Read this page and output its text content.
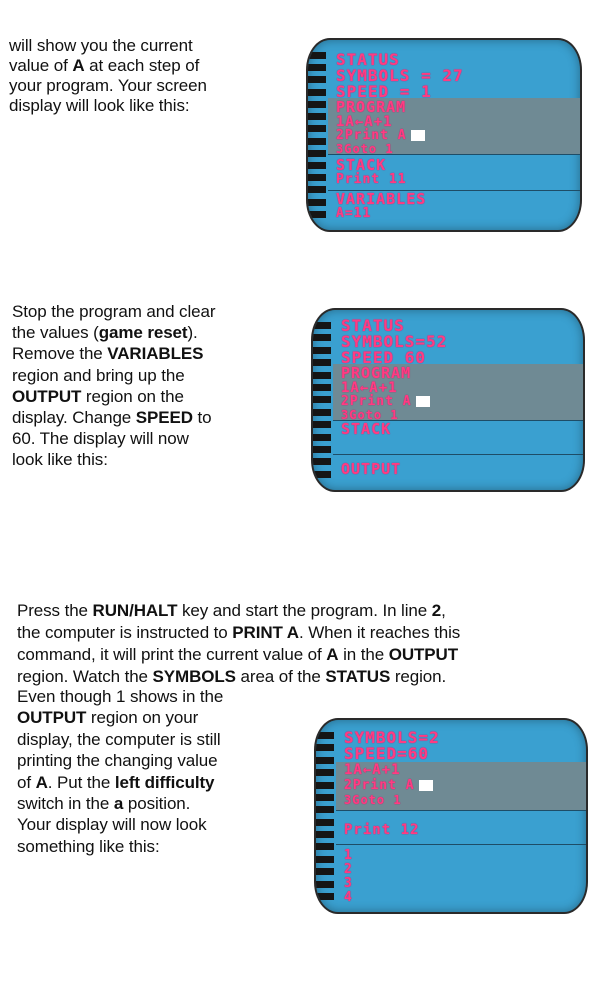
will show you the current
value of A at each step of
your program. Your screen
display will look like this:

STATUS
SYMBOLS = 27
SPEED = 1
PROGRAM
1A←A+1
2Print A
3Goto 1
STACK
Print 11
VARIABLES
A=11

Stop the program and clear
the values (game reset).
Remove the VARIABLES
region and bring up the
OUTPUT region on the
display. Change SPEED to
60. The display will now
look like this:

STATUS
SYMBOLS=52
SPEED 60
PROGRAM
1A←A+1
2Print A
3Goto 1
STACK
OUTPUT

Press the RUN/HALT key and start the program. In line 2,
the computer is instructed to PRINT A. When it reaches this
command, it will print the current value of A in the OUTPUT
region. Watch the SYMBOLS area of the STATUS region.

Even though 1 shows in the
OUTPUT region on your
display, the computer is still
printing the changing value
of A. Put the left difficulty
switch in the a position.
Your display will now look
something like this:

SYMBOLS=2
SPEED=60
1A←A+1
2Print A
3Goto 1
Print 12
1
2
3
4
